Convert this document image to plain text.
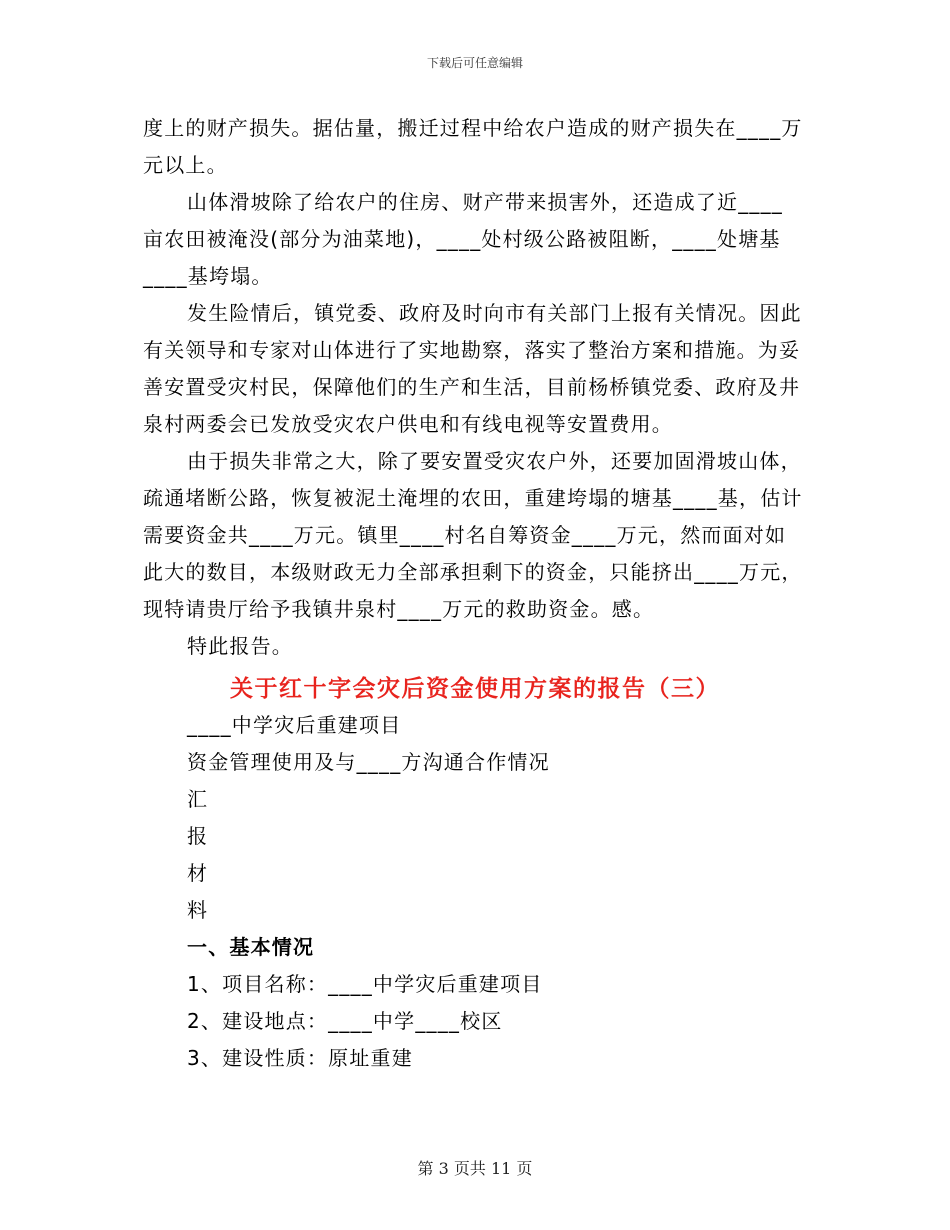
下载后可任意编辑

度上的财产损失。据估量，搬迁过程中给农户造成的财产损失在____万元以上。

山体滑坡除了给农户的住房、财产带来损害外，还造成了近____亩农田被淹没(部分为油菜地)，____处村级公路被阻断，____处塘基____基垮塌。

发生险情后，镇党委、政府及时向市有关部门上报有关情况。因此有关领导和专家对山体进行了实地勘察，落实了整治方案和措施。为妥善安置受灾村民，保障他们的生产和生活，目前杨桥镇党委、政府及井泉村两委会已发放受灾农户供电和有线电视等安置费用。

由于损失非常之大，除了要安置受灾农户外，还要加固滑坡山体，疏通堵断公路，恢复被泥土淹埋的农田，重建垮塌的塘基____基，估计需要资金共____万元。镇里____村名自筹资金____万元，然而面对如此大的数目，本级财政无力全部承担剩下的资金，只能挤出____万元，现特请贵厅给予我镇井泉村____万元的救助资金。感。

特此报告。

关于红十字会灾后资金使用方案的报告（三）

____中学灾后重建项目

资金管理使用及与____方沟通合作情况

汇

报

材

料

一、基本情况

1、项目名称：____中学灾后重建项目

2、建设地点：____中学____校区

3、建设性质：原址重建

第 3 页共 11 页
